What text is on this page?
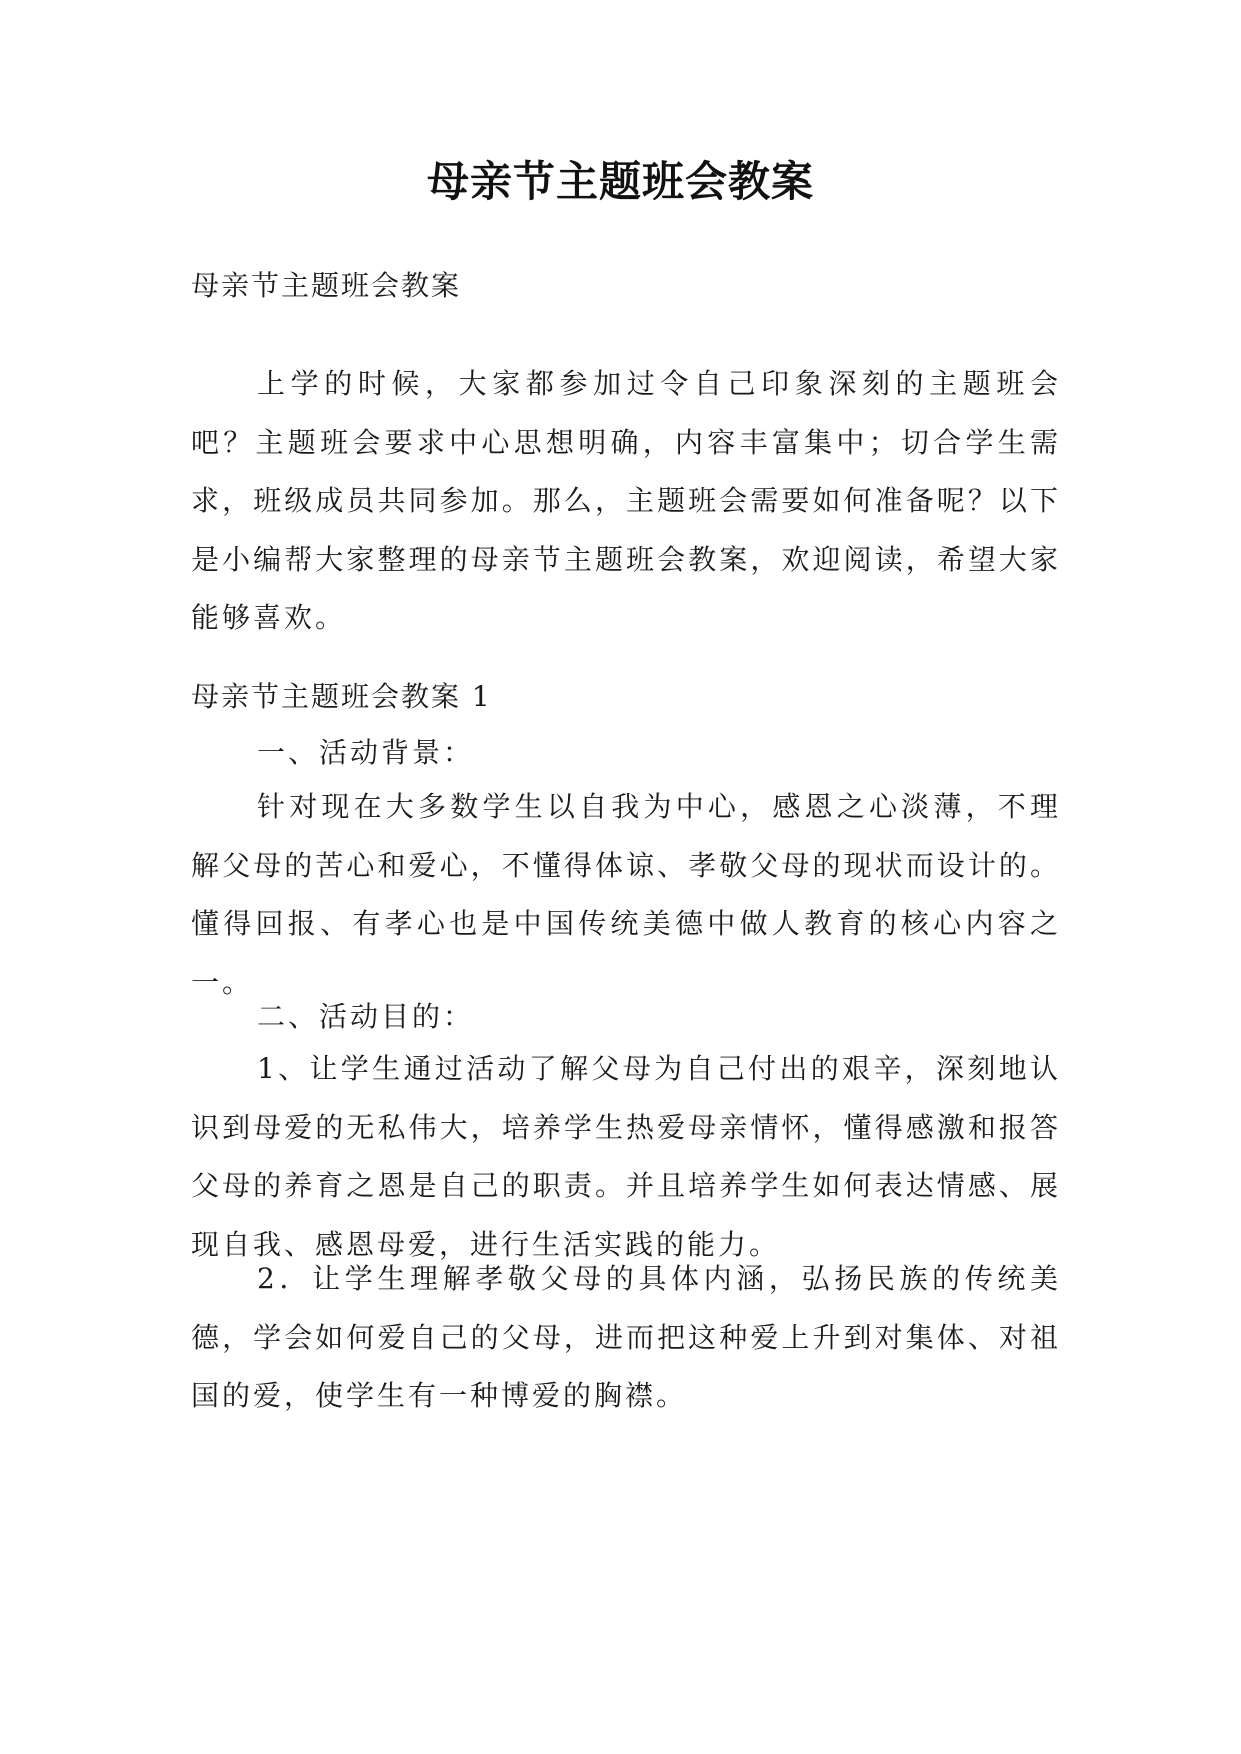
母亲节主题班会教案
母亲节主题班会教案

上学的时候，大家都参加过令自己印象深刻的主题班会吧？主题班会要求中心思想明确，内容丰富集中；切合学生需求，班级成员共同参加。那么，主题班会需要如何准备呢？以下是小编帮大家整理的母亲节主题班会教案，欢迎阅读，希望大家能够喜欢。

母亲节主题班会教案 1

一、活动背景：

针对现在大多数学生以自我为中心，感恩之心淡薄，不理解父母的苦心和爱心，不懂得体谅、孝敬父母的现状而设计的。懂得回报、有孝心也是中国传统美德中做人教育的核心内容之一。

二、活动目的：

1、让学生通过活动了解父母为自己付出的艰辛，深刻地认识到母爱的无私伟大，培养学生热爱母亲情怀，懂得感激和报答父母的养育之恩是自己的职责。并且培养学生如何表达情感、展现自我、感恩母爱，进行生活实践的能力。

2．让学生理解孝敬父母的具体内涵，弘扬民族的传统美德，学会如何爱自己的父母，进而把这种爱上升到对集体、对祖国的爱，使学生有一种博爱的胸襟。
